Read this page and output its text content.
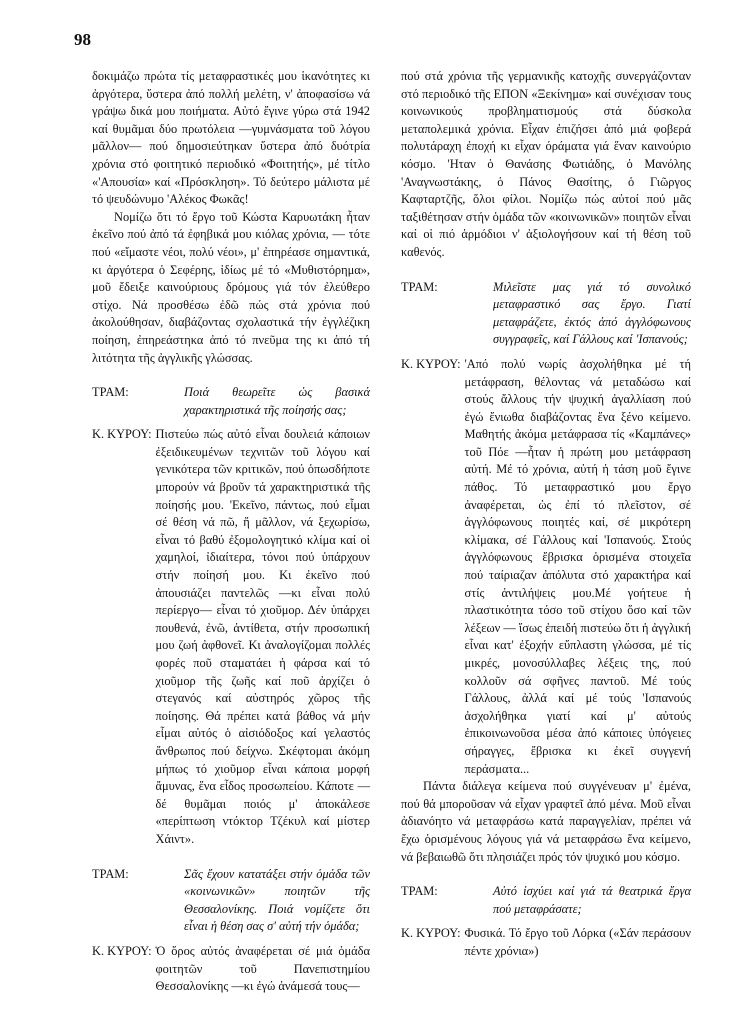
98

δοκιμάζω πρώτα τίς μεταφραστικές μου ἱκανότητες κι ἀργότερα, ὕστερα ἀπό πολλή μελέτη, ν' ἀποφασίσω νά γράψω δικά μου ποιήματα. Αὐτό ἔγινε γύρω στά 1942 καί θυμᾶμαι δύο πρωτόλεια —γυμνάσματα τοῦ λόγου μᾶλλον— πού δημοσιεύτηκαν ὕστερα ἀπό δυότρία χρόνια στό φοιτητικό περιοδικό «Φοιτητής», μέ τίτλο «'Απουσία» καί «Πρόσκληση». Τό δεύτερο μάλιστα μέ τό ψευδώνυμο 'Αλέκος Φωκᾶς!

Νομίζω ὅτι τό ἔργο τοῦ Κώστα Καρυωτάκη ἦταν ἐκεῖνο πού ἀπό τά ἐφηβικά μου κιόλας χρόνια, — τότε πού «εἴμαστε νέοι, πολύ νέοι», μ' ἐπηρέασε σημαντικά, κι ἀργότερα ὁ Σεφέρης, ἰδίως μέ τό «Μυθιστόρημα», μοῦ ἔδειξε καινούριους δρόμους γιά τόν ἐλεύθερο στίχο. Νά προσθέσω ἐδῶ πώς στά χρόνια πού ἀκολούθησαν, διαβάζοντας σχολαστικά τήν ἐγγλέζικη ποίηση, ἐπηρεάστηκα ἀπό τό πνεῦμα της κι ἀπό τή λιτότητα τῆς ἀγγλικῆς γλώσσας.

ΤΡΑΜ:	Ποιά θεωρεῖτε ὡς βασικά χαρακτηριστικά τῆς ποίησής σας;
Κ. ΚΥΡΟΥ: Πιστεύω πώς αὐτό εἶναι δουλειά κάποιων ἐξειδικευμένων τεχνιτῶν τοῦ λόγου καί γενικότερα τῶν κριτικῶν, πού ὁπωσδήποτε μπορούν νά βροῦν τά χαρακτηριστικά τῆς ποίησής μου. 'Εκεῖνο, πάντως, πού εἶμαι σέ θέση νά πῶ, ἤ μᾶλλον, νά ξεχωρίσω, εἶναι τό βαθύ ἐξομολογητικό κλίμα καί οἱ χαμηλοί, ἰδιαίτερα, τόνοι πού ὑπάρχουν στήν ποίησή μου. Κι ἐκεῖνο πού ἀπουσιάζει παντελῶς —κι εἶναι πολύ περίεργο— εἶναι τό χιοῦμορ. Δέν ὑπάρχει πουθενά, ἐνῶ, ἀντίθετα, στήν προσωπική μου ζωή ἀφθονεῖ. Κι ἀναλογίζομαι πολλές φορές ποῦ σταματάει ἡ φάρσα καί τό χιοῦμορ τῆς ζωῆς καί ποῦ ἀρχίζει ὁ στεγανός καί αὐστηρός χῶρος τῆς ποίησης. Θά πρέπει κατά βάθος νά μήν εἶμαι αὐτός ὁ αἰσιόδοξος καί γελαστός ἄνθρωπος πού δείχνω. Σκέφτομαι ἀκόμη μήπως τό χιοῦμορ εἶναι κάποια μορφή ἄμυνας, ἕνα εἶδος προσωπείου. Κάποτε —δέ θυμᾶμαι ποιός μ' ἀποκάλεσε «περίπτωση ντόκτορ Τζέκυλ καί μίστερ Χάιντ».
ΤΡΑΜ:	Σᾶς ἔχουν κατατάξει στήν ὁμάδα τῶν «κοινωνικῶν» ποιητῶν τῆς Θεσσαλονίκης. Ποιά νομίζετε ὅτι εἶναι ἡ θέση σας σ' αὐτή τήν ὁμάδα;
Κ. ΚΥΡΟΥ: Ὁ ὅρος αὐτός ἀναφέρεται σέ μιά ὁμάδα φοιτητῶν τοῦ Πανεπιστημίου Θεσσαλονίκης —κι ἐγώ ἀνάμεσά τους—

πού στά χρόνια τῆς γερμανικῆς κατοχῆς συνεργάζονταν στό περιοδικό τῆς ΕΠΟΝ «Ξεκίνημα» καί συνέχισαν τους κοινωνικούς προβληματισμούς στά δύσκολα μεταπολεμικά χρόνια. Εἶχαν ἐπιζήσει ἀπό μιά φοβερά πολυτάραχη ἐποχή κι εἶχαν όράματα γιά ἕναν καινούριο κόσμο. 'Ηταν ὁ Θανάσης Φωτιάδης, ὁ Μανόλης 'Αναγνωστάκης, ὁ Πάνος Θασίτης, ὁ Γιῶργος Καφταρτζῆς, ὅλοι φίλοι. Νομίζω πώς αὐτοί πού μᾶς ταξιθέτησαν στήν ὁμάδα τῶν «κοινωνικῶν» ποιητῶν εἶναι καί οἱ πιό ἁρμόδιοι ν' ἀξιολογήσουν καί τή θέση τοῦ καθενός.

ΤΡΑΜ:	Μιλεῖστε μας γιά τό συνολικό μεταφραστικό σας ἔργο. Γιατί μεταφράζετε, ἐκτός ἀπό ἀγγλόφωνους συγγραφεῖς, καί Γάλλους καί 'Ισπανούς;
Κ. ΚΥΡΟΥ: 'Από πολύ νωρίς ἀσχολήθηκα μέ τή μετάφραση, θέλοντας νά μεταδώσω καί στούς ἄλλους τήν ψυχική ἀγαλλίαση πού ἐγώ ἔνιωθα διαβάζοντας ἕνα ξένο κείμενο. Μαθητής ἀκόμα μετάφρασα τίς «Καμπάνες» τοῦ Πόε —ἦταν ἡ πρώτη μου μετάφραση αὐτή. Μέ τό χρόνια, αὐτή ἡ τάση μοῦ ἔγινε πάθος. Τό μεταφραστικό μου ἔργο ἀναφέρεται, ὡς ἐπί τό πλεῖστον, σέ ἀγγλόφωνους ποιητές καί, σέ μικρότερη κλίμακα, σέ Γάλλους καί 'Ισπανούς. Στούς ἀγγλόφωνους ἔβρισκα ὁρισμένα στοιχεῖα πού ταίριαζαν ἀπόλυτα στό χαρακτήρα καί στίς ἀντιλήψεις μου.Μέ γοήτευε ἡ πλαστικότητα τόσο τοῦ στίχου ὅσο καί τῶν λέξεων — ἴσως ἐπειδή πιστεύω ὅτι ἡ ἀγγλική εἶναι κατ' ἐξοχήν εὔπλαστη γλώσσα, μέ τίς μικρές, μονοσύλλαβες λέξεις της, πού κολλοῦν σά σφῆνες παντοῦ. Μέ τούς Γάλλους, ἀλλά καί μέ τούς 'Ισπανούς ἀσχολήθηκα γιατί καί μ' αὐτούς ἐπικοινωνοῦσα μέσα ἀπό κάποιες ὑπόγειες σήραγγες, ἔβρισκα κι ἐκεῖ συγγενή περάσματα...

Πάντα διάλεγα κείμενα πού συγγένευαν μ' ἐμένα, πού θά μποροῦσαν νά εἶχαν γραφτεῖ ἀπό μένα. Μοῦ εἶναι ἀδιανόητο νά μεταφράσω κατά παραγγελίαν, πρέπει νά ἔχω ὁρισμένους λόγους γιά νά μεταφράσω ἕνα κείμενο, νά βεβαιωθῶ ὅτι πλησιάζει πρός τόν ψυχικό μου κόσμο.

ΤΡΑΜ:	Αὐτό ἰσχύει καί γιά τά θεατρικά ἔργα πού μεταφράσατε;
Κ. ΚΥΡΟΥ: Φυσικά. Τό ἔργο τοῦ Λόρκα («Σάν περάσουν πέντε χρόνια»)
